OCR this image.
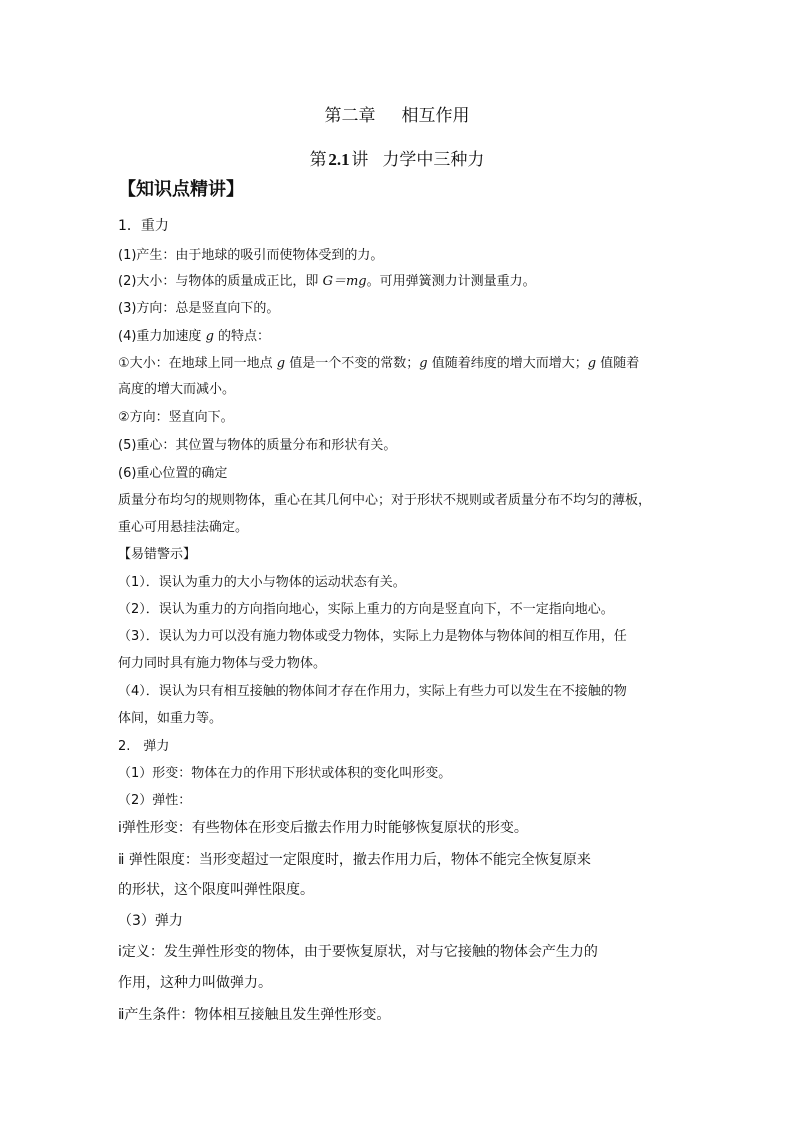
第二章 相互作用
第  2.1  讲 力学中三种力
【知识点精讲】
1．重力
(1)产生：由于地球的吸引而使物体受到的力。
(2)大小：与物体的质量成正比，即 G＝mg。可用弹簧测力计测量重力。
(3)方向：总是竖直向下的。
(4)重力加速度 g 的特点：
①大小：在地球上同一地点 g 值是一个不变的常数；g 值随着纬度的增大而增大；g 值随着
高度的增大而减小。
②方向：竖直向下。
(5)重心：其位置与物体的质量分布和形状有关。
(6)重心位置的确定
质量分布均匀的规则物体，重心在其几何中心；对于形状不规则或者质量分布不均匀的薄板，
重心可用悬挂法确定。
【易错警示】
（1）．误认为重力的大小与物体的运动状态有关。
（2）．误认为重力的方向指向地心，实际上重力的方向是竖直向下，不一定指向地心。
（3）．误认为力可以没有施力物体或受力物体，实际上力是物体与物体间的相互作用，任
何力同时具有施力物体与受力物体。
（4）．误认为只有相互接触的物体间才存在作用力，实际上有些力可以发生在不接触的物
体间，如重力等。
2.　弹力
（1）形变：物体在力的作用下形状或体积的变化叫形变。
（2）弹性：
ⅰ弹性形变：有些物体在形变后撤去作用力时能够恢复原状的形变。
ⅱ 弹性限度：当形变超过一定限度时，撤去作用力后，物体不能完全恢复原来
的形状，这个限度叫弹性限度。
（3）弹力
ⅰ定义：发生弹性形变的物体，由于要恢复原状，对与它接触的物体会产生力的
作用，这种力叫做弹力。
ⅱ产生条件：物体相互接触且发生弹性形变。
